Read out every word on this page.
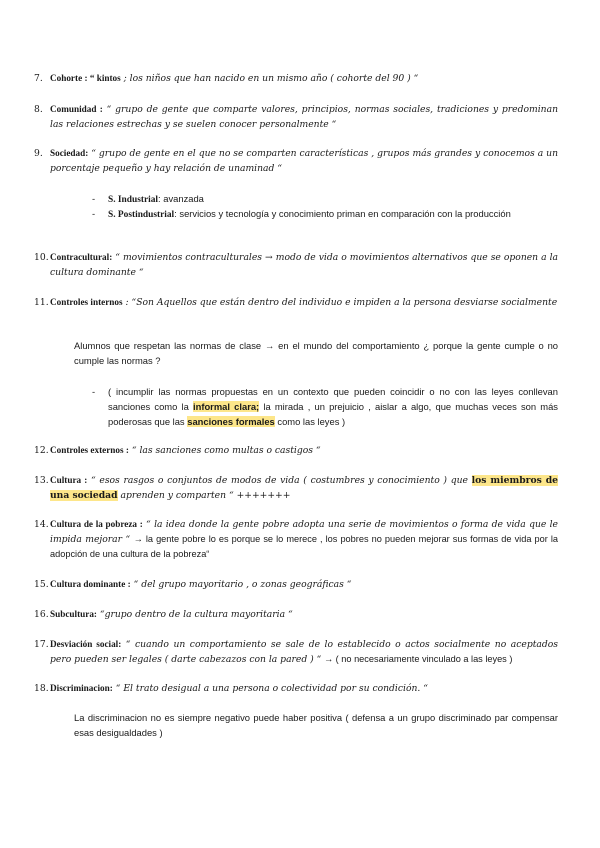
7. Cohorte : “ kintos ; los niños que han nacido en un mismo año ( cohorte del 90 ) “
8. Comunidad : “ grupo de gente que comparte valores, principios, normas sociales, tradiciones y predominan las relaciones estrechas y se suelen conocer personalmente “
9. Sociedad: “ grupo de gente en el que no se comparten características , grupos más grandes y conocemos a un porcentaje pequeño y hay relación de unaminad “
- S. Industrial: avanzada
- S. Postindustrial: servicios y tecnología y conocimiento priman en comparación con la producción
10. Contracultural: “ movimientos contraculturales → modo de vida o movimientos alternativos que se oponen a la cultura dominante “
11. Controles internos : “Son Aquellos que están dentro del individuo e impiden a la persona desviarse socialmente
Alumnos que respetan las normas de clase → en el mundo del comportamiento ¿ porque la gente cumple o no cumple las normas ?
- ( incumplir las normas propuestas en un contexto que pueden coincidir o no con las leyes conllevan sanciones como la informal clara; la mirada , un prejuicio , aislar a algo, que muchas veces son más poderosas que las sanciones formales como las leyes )
12. Controles externos : “ las sanciones como multas o castigos “
13. Cultura : “ esos rasgos o conjuntos de modos de vida ( costumbres y conocimiento ) que los miembros de una sociedad aprenden y comparten “ +++++++
14. Cultura de la pobreza : “ la idea donde la gente pobre adopta una serie de movimientos o forma de vida que le impida mejorar “ → la gente pobre lo es porque se lo merece , los pobres no pueden mejorar sus formas de vida por la adopción de una cultura de la pobreza“
15. Cultura dominante : “ del grupo mayoritario , o zonas geográficas “
16. Subcultura: “grupo dentro de la cultura mayoritaria “
17. Desviación social: “ cuando un comportamiento se sale de lo establecido o actos socialmente no aceptados pero pueden ser legales ( darte cabezazos con la pared ) “ → ( no necesariamente vinculado a las leyes )
18. Discriminacion: “ El trato desigual a una persona o colectividad por su condición. “
La discriminacion no es siempre negativo puede haber positiva ( defensa a un grupo discriminado par compensar esas desigualdades )
